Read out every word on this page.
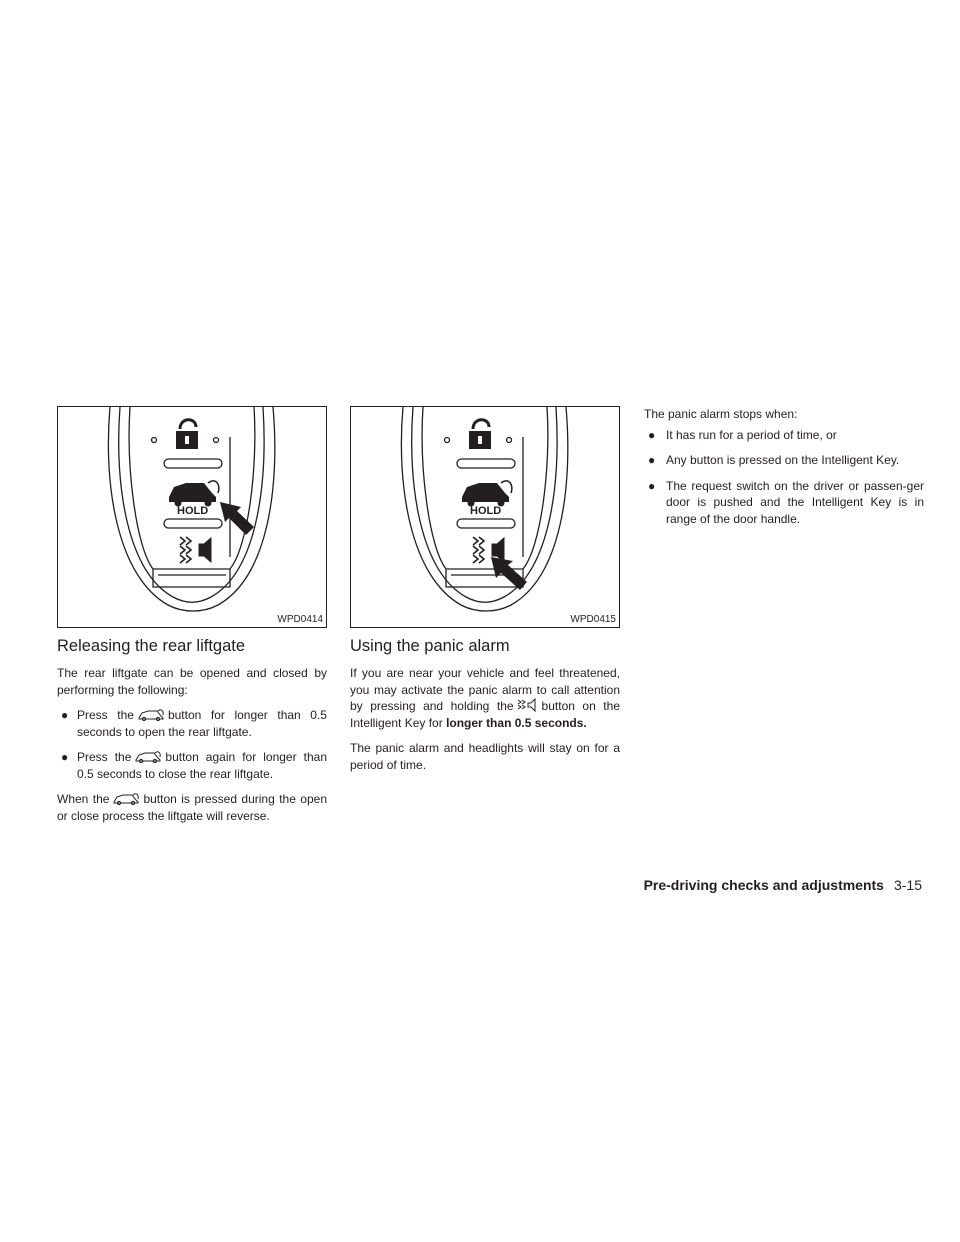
HOLD
WPD0414
Releasing the rear liftgate

The rear liftgate can be opened and closed by performing the following:

● Press the	button for longer than 0.5 seconds to open the rear liftgate.
● Press the	button again for longer than 0.5 seconds to close the rear liftgate.

When the	button is pressed during the open or close process the liftgate will reverse.

HOLD
WPD0415
Using the panic alarm

If you are near your vehicle and feel threatened, you may activate the panic alarm to call attention by pressing and holding the button on the Intelligent Key for longer than 0.5 seconds.

The panic alarm and headlights will stay on for a period of time.

The panic alarm stops when:

● It has run for a period of time, or
● Any button is pressed on the Intelligent Key.
● The request switch on the driver or passen-ger door is pushed and the Intelligent Key is in range of the door handle.
Pre-driving checks and adjustments 3-15
